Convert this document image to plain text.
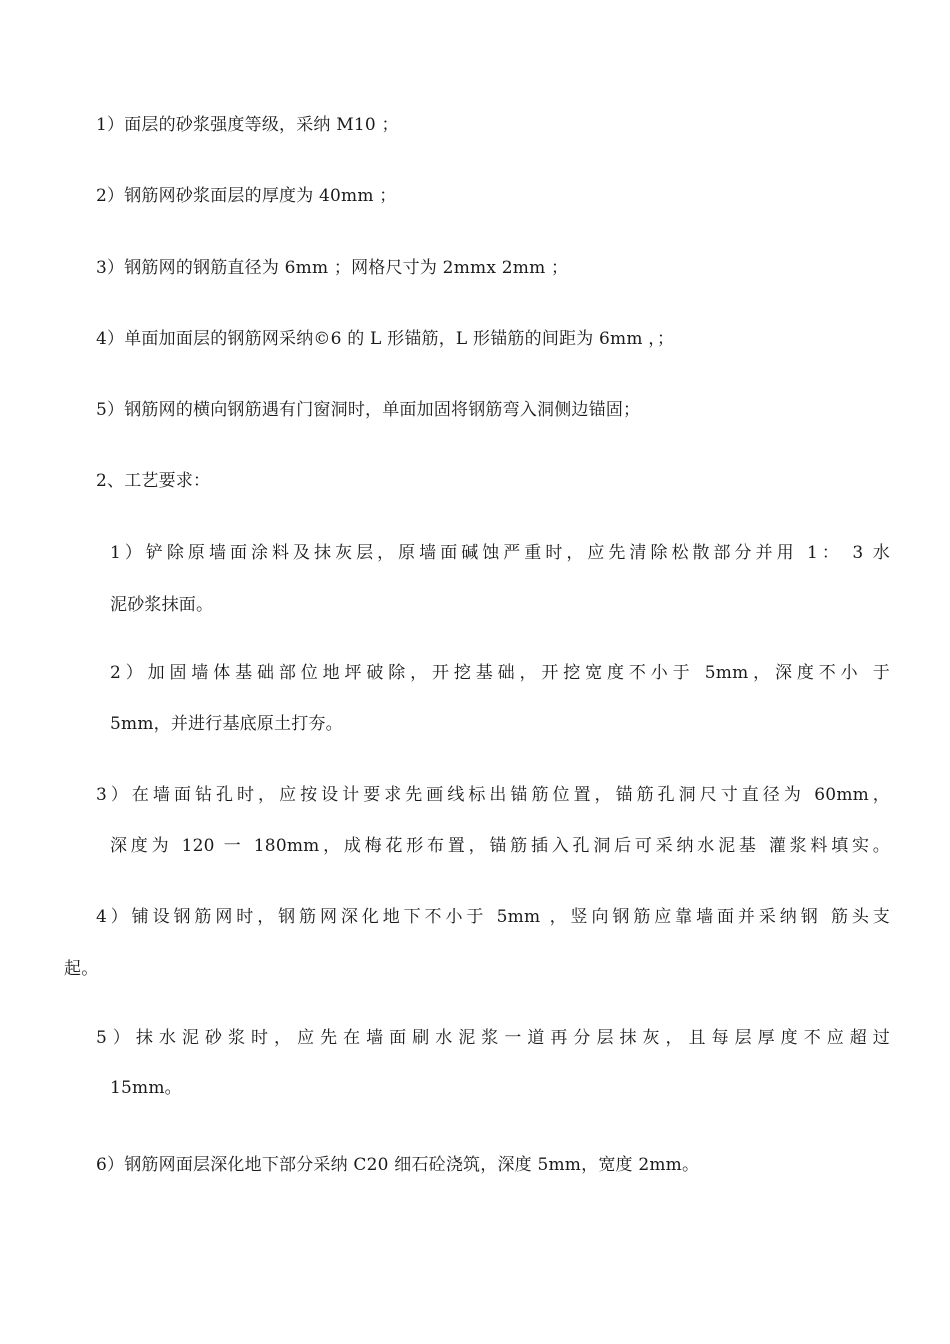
1）面层的砂浆强度等级，采纳 M10 ；
2）钢筋网砂浆面层的厚度为 40mm ；
3）钢筋网的钢筋直径为 6mm ；网格尺寸为 2mmx 2mm ；
4）单面加面层的钢筋网采纳©6 的 L 形锚筋，L 形锚筋的间距为 6mm ，；
5）钢筋网的横向钢筋遇有门窗洞时，单面加固将钢筋弯入洞侧边锚固；
2、工艺要求：
1）铲除原墙面涂料及抹灰层，原墙面碱蚀严重时，应先清除松散部分并用 1： 3 水
泥砂浆抹面。
2）加固墙体基础部位地坪破除，开挖基础，开挖宽度不小于 5mm，深度不小 于
5mm，并进行基底原土打夯。
3）在墙面钻孔时，应按设计要求先画线标出锚筋位置，锚筋孔洞尺寸直径为 60mm，
深度为 120 一 180mm，成梅花形布置，锚筋插入孔洞后可采纳水泥基 灌浆料填实。
4）铺设钢筋网时，钢筋网深化地下不小于 5mm ，竖向钢筋应靠墙面并采纳钢 筋头支
起。
5）抹水泥砂浆时，应先在墙面刷水泥浆一道再分层抹灰，且每层厚度不应超过
15mm。
6）钢筋网面层深化地下部分采纳 C20 细石砼浇筑，深度 5mm，宽度 2mm。
